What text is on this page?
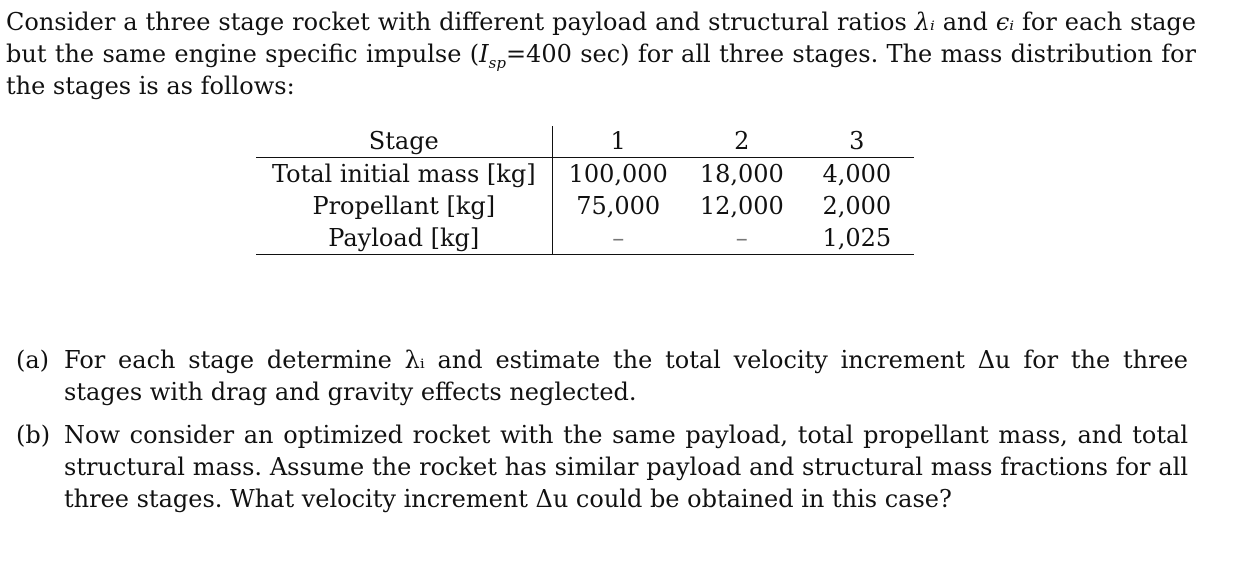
Consider a three stage rocket with different payload and structural ratios λᵢ and ϵᵢ for each stage but the same engine specific impulse ($I_{sp}=400$ sec) for all three stages. The mass distribution for the stages is as follows:
Stage	1	2	3
Total initial mass [kg]	100,000	18,000	4,000
Propellant [kg]	75,000	12,000	2,000
Payload [kg]	–	–	1,025
(a) For each stage determine λᵢ and estimate the total velocity increment Δu for the three stages with drag and gravity effects neglected.
(b) Now consider an optimized rocket with the same payload, total propellant mass, and total structural mass. Assume the rocket has similar payload and structural mass fractions for all three stages. What velocity increment Δu could be obtained in this case?
